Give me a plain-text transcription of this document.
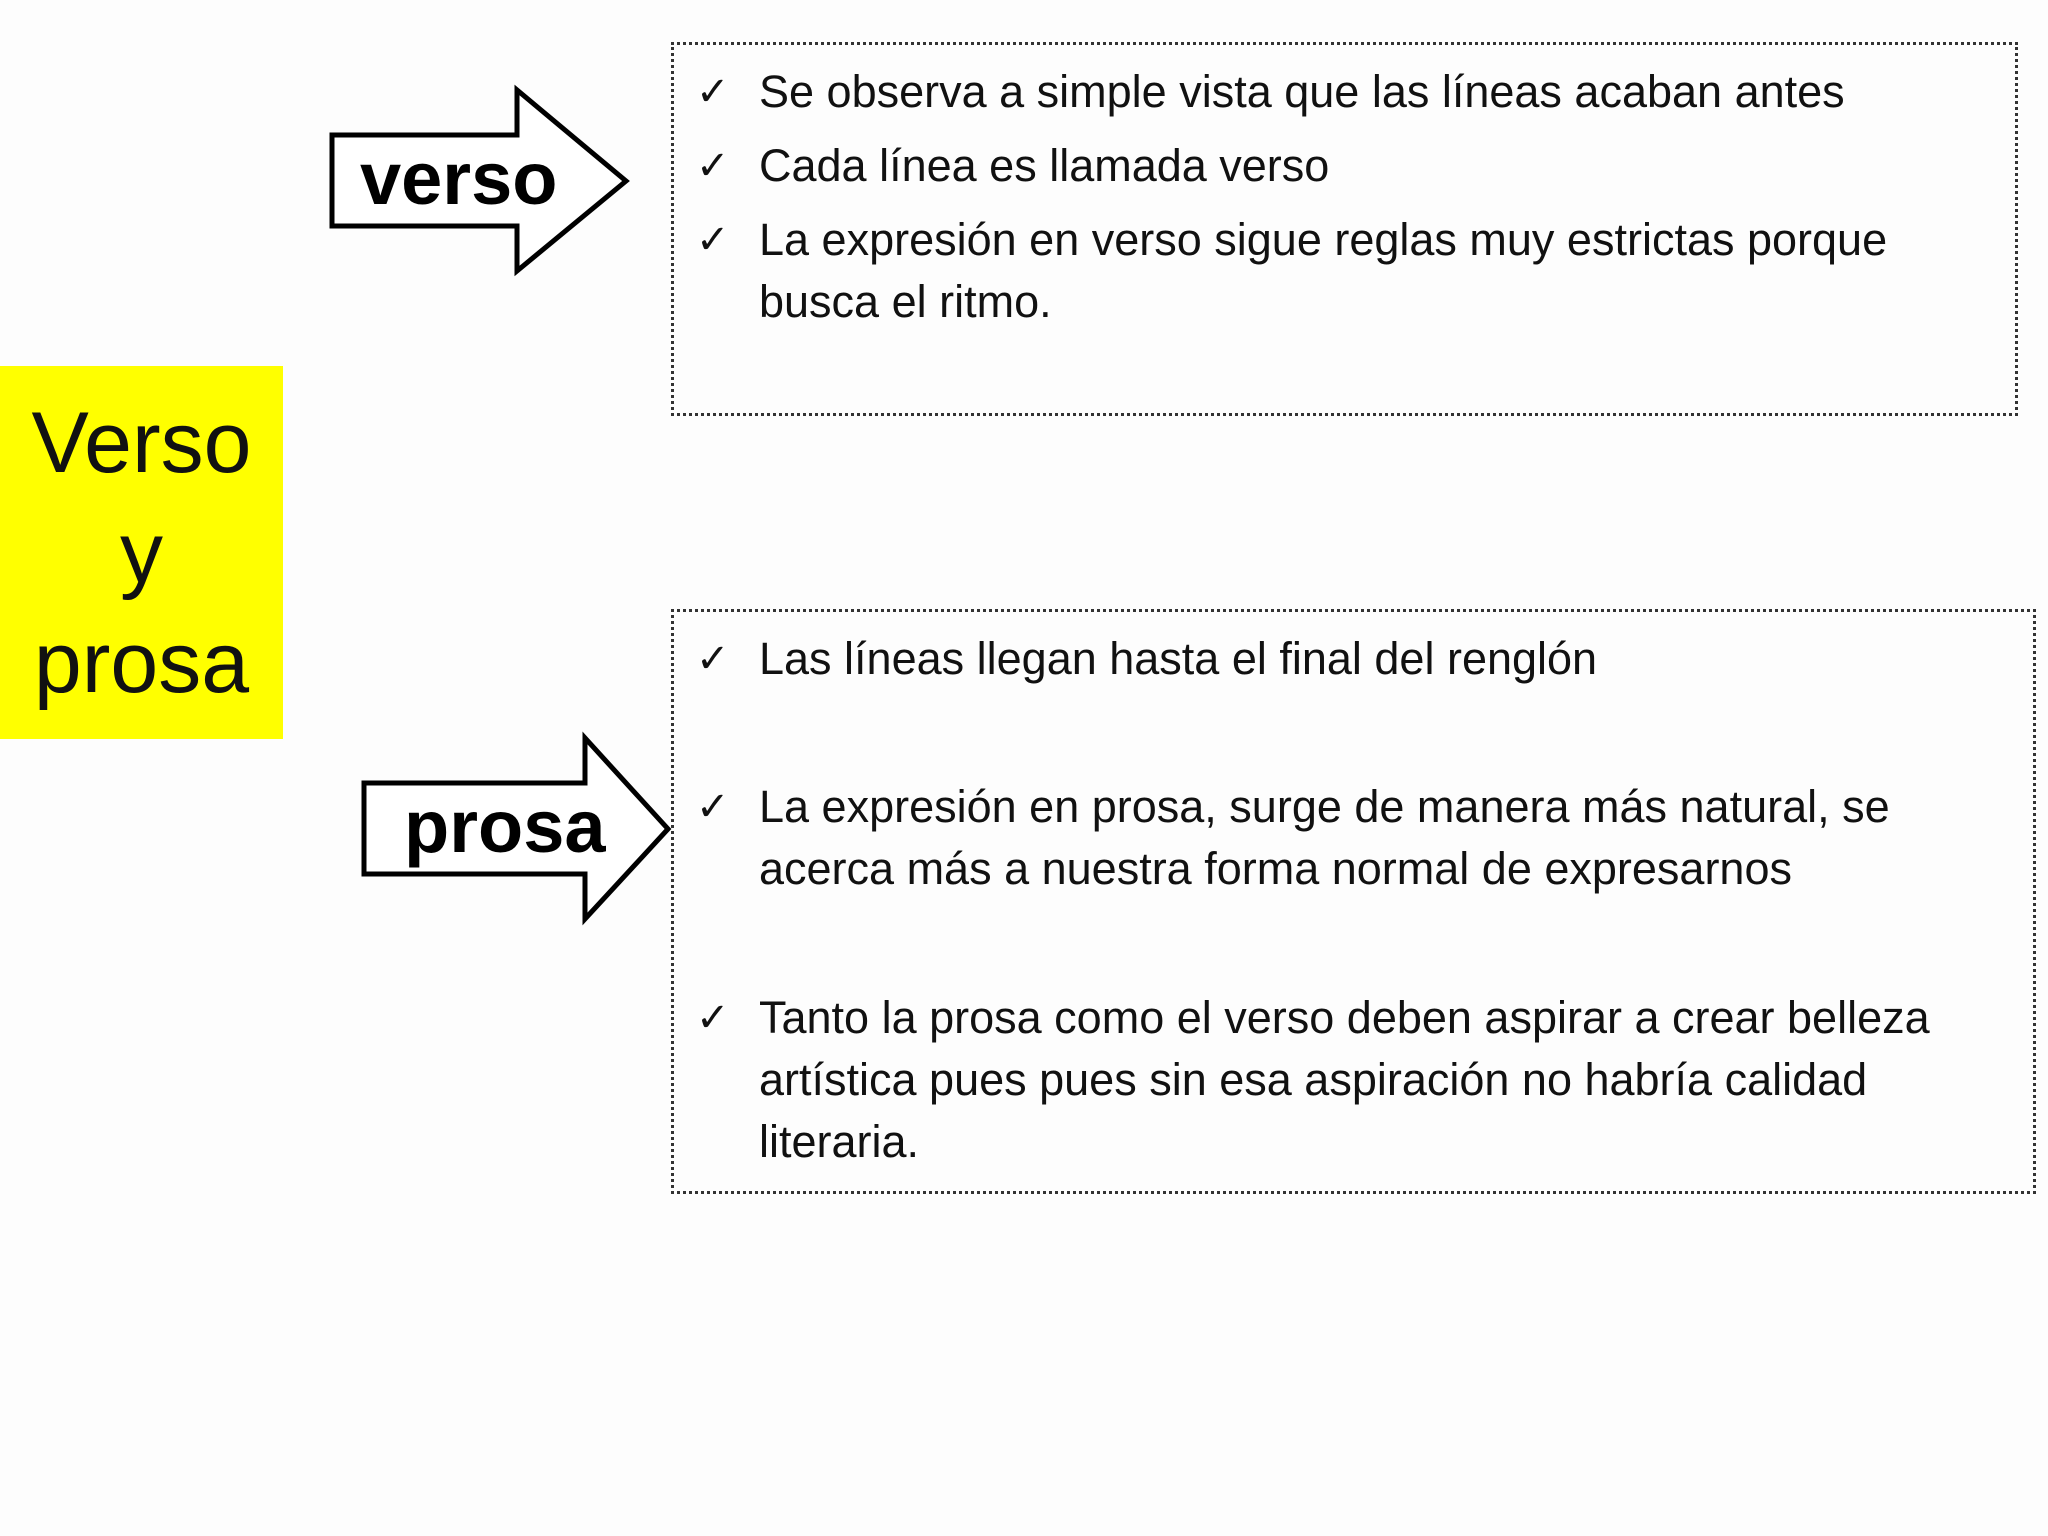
Verso
y
prosa
verso
prosa
✓ Se observa a simple vista que las líneas acaban antes
✓ Cada línea es llamada verso
✓ La expresión en verso sigue reglas muy estrictas porque busca el ritmo.
✓ Las líneas llegan hasta el final del renglón
✓ La expresión en prosa, surge de manera más natural, se acerca más a nuestra forma normal de expresarnos
✓ Tanto la prosa como el verso deben aspirar a crear belleza artística pues pues sin esa aspiración no habría calidad literaria.
